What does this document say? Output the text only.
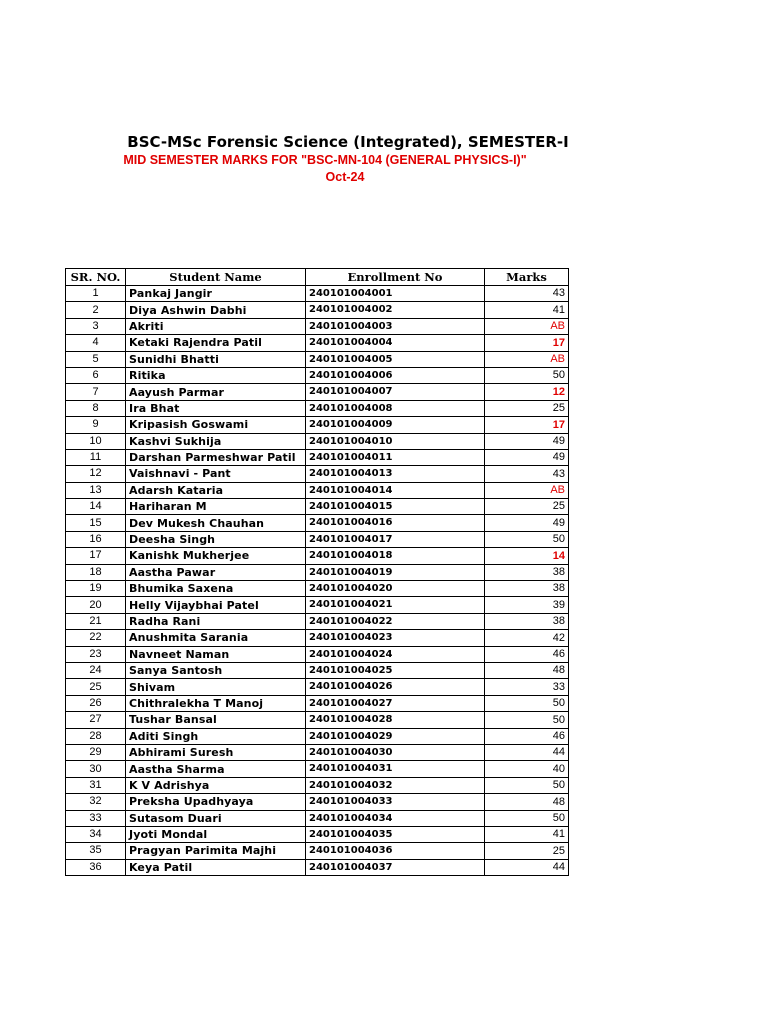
BSC-MSc Forensic Science (Integrated), SEMESTER-I
MID SEMESTER MARKS FOR "BSC-MN-104 (GENERAL PHYSICS-I)"
Oct-24
SR. NO.	Student Name	Enrollment No	Marks
1	Pankaj Jangir	240101004001	43
2	Diya Ashwin Dabhi	240101004002	41
3	Akriti	240101004003	AB
4	Ketaki Rajendra Patil	240101004004	17
5	Sunidhi Bhatti	240101004005	AB
6	Ritika	240101004006	50
7	Aayush Parmar	240101004007	12
8	Ira Bhat	240101004008	25
9	Kripasish Goswami	240101004009	17
10	Kashvi Sukhija	240101004010	49
11	Darshan Parmeshwar Patil	240101004011	49
12	Vaishnavi - Pant	240101004013	43
13	Adarsh Kataria	240101004014	AB
14	Hariharan M	240101004015	25
15	Dev Mukesh Chauhan	240101004016	49
16	Deesha Singh	240101004017	50
17	Kanishk Mukherjee	240101004018	14
18	Aastha Pawar	240101004019	38
19	Bhumika Saxena	240101004020	38
20	Helly Vijaybhai Patel	240101004021	39
21	Radha Rani	240101004022	38
22	Anushmita Sarania	240101004023	42
23	Navneet Naman	240101004024	46
24	Sanya Santosh	240101004025	48
25	Shivam	240101004026	33
26	Chithralekha T Manoj	240101004027	50
27	Tushar Bansal	240101004028	50
28	Aditi Singh	240101004029	46
29	Abhirami Suresh	240101004030	44
30	Aastha Sharma	240101004031	40
31	K V Adrishya	240101004032	50
32	Preksha Upadhyaya	240101004033	48
33	Sutasom Duari	240101004034	50
34	Jyoti Mondal	240101004035	41
35	Pragyan Parimita Majhi	240101004036	25
36	Keya Patil	240101004037	44
